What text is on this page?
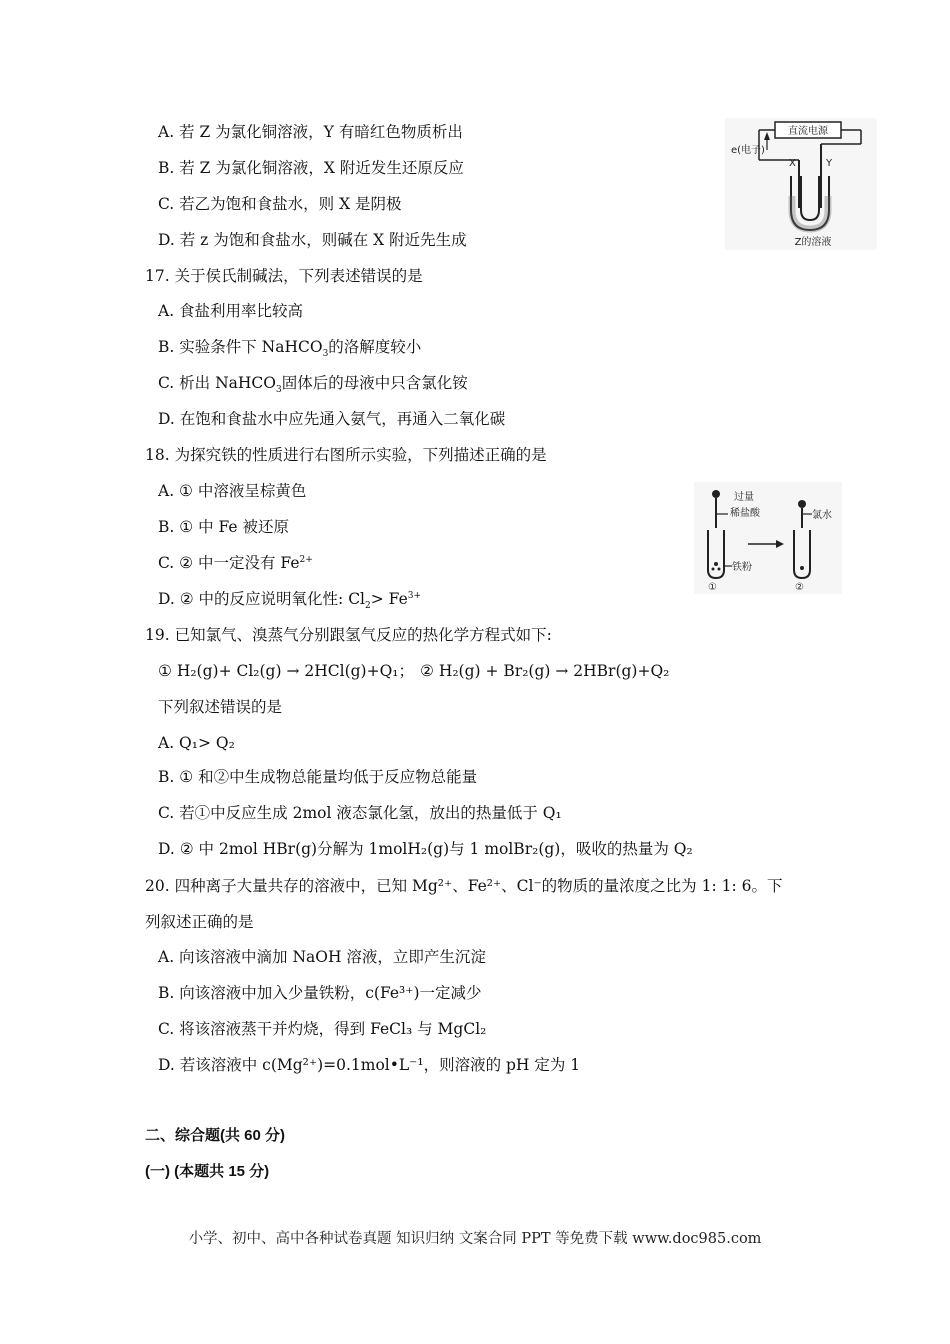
A. 若 Z 为氯化铜溶液，Y 有暗红色物质析出
B. 若 Z 为氯化铜溶液，X 附近发生还原反应
C. 若乙为饱和食盐水，则 X 是阴极
D. 若 z 为饱和食盐水，则碱在 X 附近先生成
直流电源
e(电子)
X	Y
Z的溶液
17. 关于侯氏制碱法，下列表述错误的是
A. 食盐利用率比较高
B. 实验条件下 NaHCO$_3$的洛解度较小
C. 析出 NaHCO$_3$固体后的母液中只含氯化铵
D. 在饱和食盐水中应先通入氨气，再通入二氧化碳
18. 为探究铁的性质进行右图所示实验，下列描述正确的是
A. ① 中溶液呈棕黄色
B. ① 中 Fe 被还原
C. ② 中一定没有 $Fe^{2+}$
D. ② 中的反应说明氧化性: $Cl_2> Fe^{3+}$
过量
稀盐酸
铁粉
①
氯水
②
19. 已知氯气、溴蒸气分别跟氢气反应的热化学方程式如下:
① H₂(g)+ Cl₂(g) → 2HCl(g)+Q₁； ② H₂(g) + Br₂(g) → 2HBr(g)+Q₂
下列叙述错误的是
A. Q₁> Q₂
B. ① 和②中生成物总能量均低于反应物总能量
C. 若①中反应生成 2mol 液态氯化氢，放出的热量低于 Q₁
D. ② 中 2mol HBr(g)分解为 1molH₂(g)与 1 molBr₂(g)，吸收的热量为 Q₂
20. 四种离子大量共存的溶液中，已知 Mg²⁺、Fe²⁺、Cl⁻的物质的量浓度之比为 1: 1: 6。下
列叙述正确的是
A. 向该溶液中滴加 NaOH 溶液，立即产生沉淀
B. 向该溶液中加入少量铁粉，c(Fe³⁺)一定减少
C. 将该溶液蒸干并灼烧，得到 FeCl₃ 与 MgCl₂
D. 若该溶液中 c(Mg²⁺)=0.1mol•L⁻¹，则溶液的 pH 定为 1
二、综合题(共 60 分)
(一) (本题共 15 分)
小学、初中、高中各种试卷真题 知识归纳 文案合同 PPT 等免费下载 www.doc985.com
